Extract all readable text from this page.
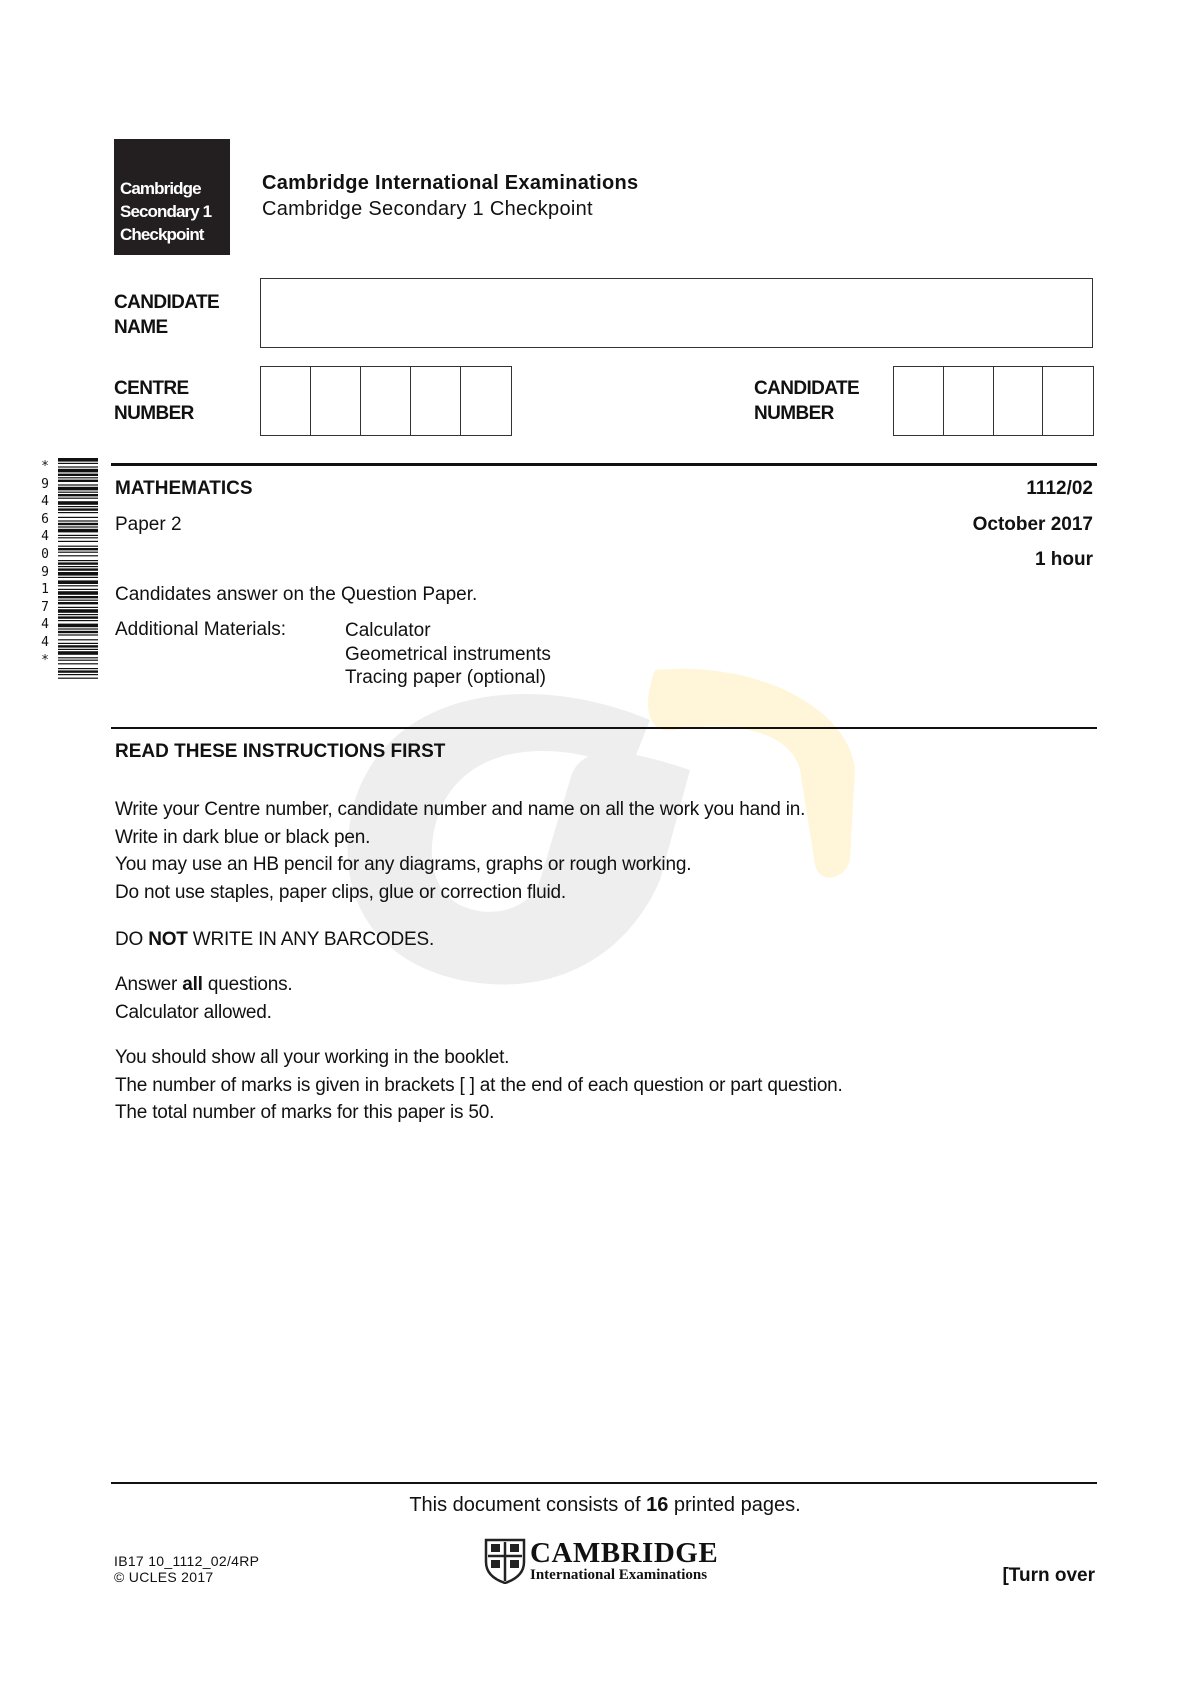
Cambridge
Secondary 1
Checkpoint
Cambridge International Examinations
Cambridge Secondary 1 Checkpoint
CANDIDATE
NAME
CENTRE
NUMBER
CANDIDATE
NUMBER
*
9
4
6
4
0
9
1
7
4
4
*
MATHEMATICS	1112/02
Paper 2	October 2017
1 hour
Candidates answer on the Question Paper.
Additional Materials:	Calculator
Geometrical instruments
Tracing paper (optional)
READ THESE INSTRUCTIONS FIRST
Write your Centre number, candidate number and name on all the work you hand in.
Write in dark blue or black pen.
You may use an HB pencil for any diagrams, graphs or rough working.
Do not use staples, paper clips, glue or correction fluid.
DO NOT WRITE IN ANY BARCODES.
Answer all questions.
Calculator allowed.
You should show all your working in the booklet.
The number of marks is given in brackets [ ] at the end of each question or part question.
The total number of marks for this paper is 50.
This document consists of 16 printed pages.
IB17 10_1112_02/4RP
© UCLES 2017
CAMBRIDGE
International Examinations	[Turn over
